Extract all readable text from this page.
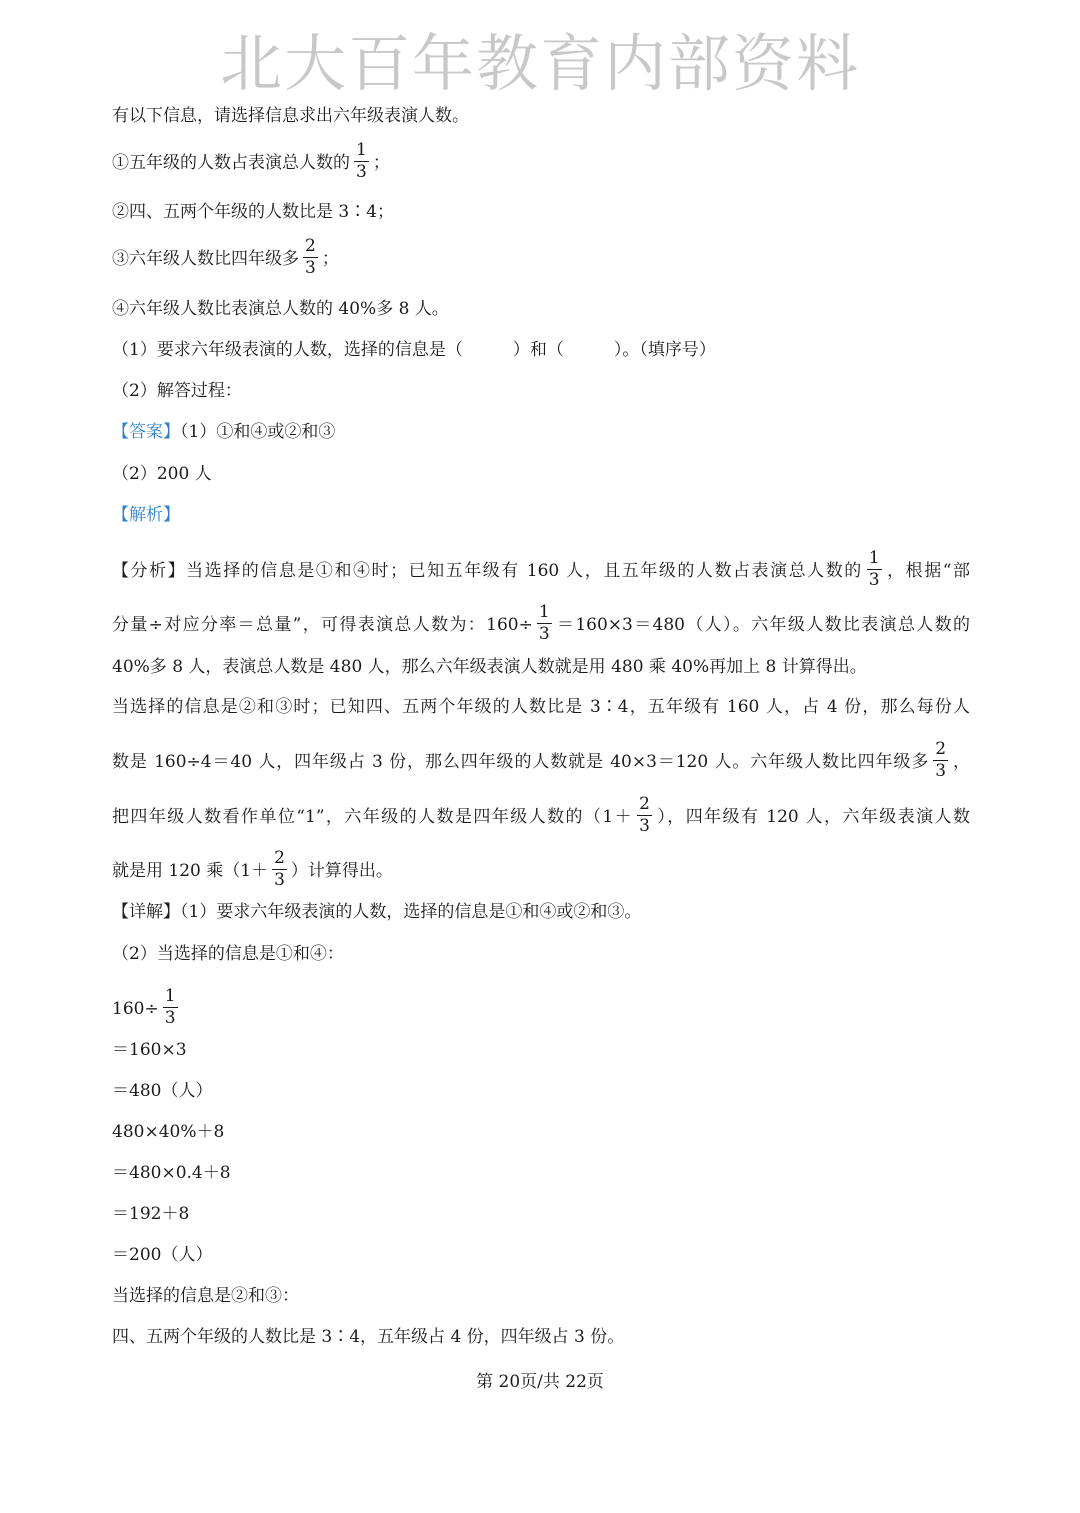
北大百年教育内部资料
有以下信息，请选择信息求出六年级表演人数。
①五年级的人数占表演总人数的 $\frac{1}{3}$ ；
②四、五两个年级的人数比是 3∶4；
③六年级人数比四年级多 $\frac{2}{3}$ ；
④六年级人数比表演总人数的 40%多 8 人。
（1）要求六年级表演的人数，选择的信息是（	）和（	）。（填序号）
（2）解答过程：
【答案】（1）①和④或②和③
（2）200 人
【解析】
【分析】当选择的信息是①和④时；已知五年级有 160 人，且五年级的人数占表演总人数的 $\frac{1}{3}$ ，根据“部
分量÷对应分率＝总量”，可得表演总人数为：$160\div \frac{1}{3} =160\times 3=480$（人）。六年级人数比表演总人数的
40%多 8 人，表演总人数是 480 人，那么六年级表演人数就是用 480 乘 40%再加上 8 计算得出。
当选择的信息是②和③时；已知四、五两个年级的人数比是 3∶4，五年级有 160 人，占 4 份，那么每份人
数是 160÷4＝40 人，四年级占 3 份，那么四年级的人数就是 40×3＝120 人。六年级人数比四年级多 $\frac{2}{3}$ ，
把四年级人数看作单位“1”，六年级的人数是四年级人数的（$1+ \frac{2}{3}$ ），四年级有 120 人，六年级表演人数
就是用 120 乘（$1+ \frac{2}{3}$ ）计算得出。
【详解】（1）要求六年级表演的人数，选择的信息是①和④或②和③。
（2）当选择的信息是①和④：
$160\div \frac{1}{3}$
＝160×3
＝480（人）
480×40%＋8
＝480×0.4＋8
＝192＋8
＝200（人）
当选择的信息是②和③：
四、五两个年级的人数比是 3∶4，五年级占 4 份，四年级占 3 份。
第 20页/共 22页
